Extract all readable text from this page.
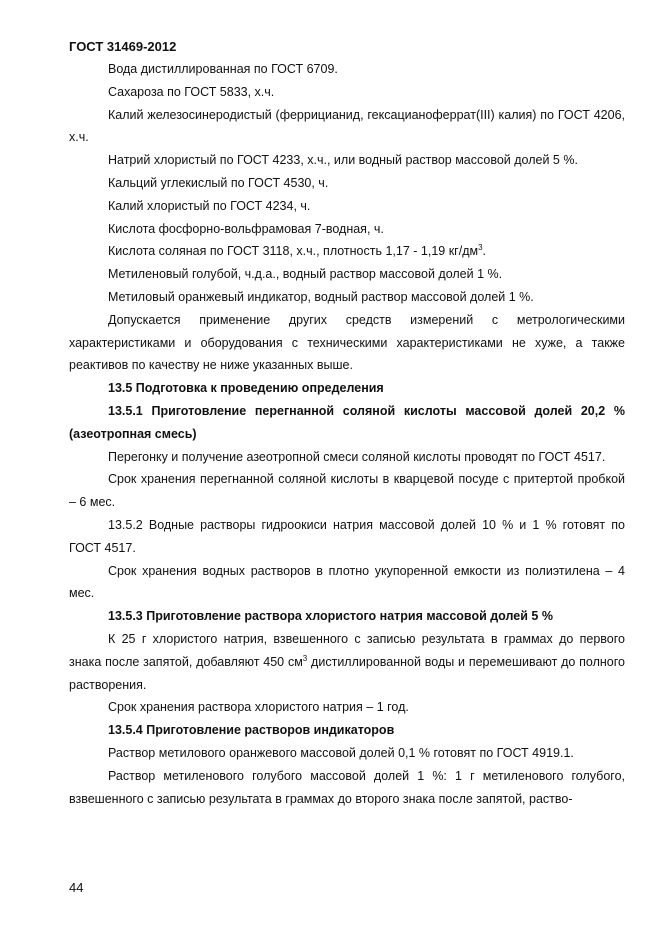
ГОСТ 31469-2012

Вода дистиллированная по ГОСТ 6709.

Сахароза по ГОСТ 5833, х.ч.

Калий железосинеродистый (феррицианид, гексацианоферрат(III) калия) по ГОСТ 4206, х.ч.

Натрий хлористый по ГОСТ 4233, х.ч., или водный раствор массовой долей 5 %.

Кальций углекислый по ГОСТ 4530, ч.

Калий хлористый по ГОСТ 4234, ч.

Кислота фосфорно-вольфрамовая 7-водная, ч.

Кислота соляная по ГОСТ 3118, х.ч., плотность 1,17 - 1,19 $кг/дм^3$.

Метиленовый голубой, ч.д.а., водный раствор массовой долей 1 %.

Метиловый оранжевый индикатор, водный раствор массовой долей 1 %.

Допускается применение других средств измерений с метрологическими характеристиками и оборудования с техническими характеристиками не хуже, а также реактивов по качеству не ниже указанных выше.

13.5 Подготовка к проведению определения

13.5.1 Приготовление перегнанной соляной кислоты массовой долей 20,2 % (азеотропная смесь)

Перегонку и получение азеотропной смеси соляной кислоты проводят по ГОСТ 4517.

Срок хранения перегнанной соляной кислоты в кварцевой посуде с притертой пробкой – 6 мес.

13.5.2 Водные растворы гидроокиси натрия массовой долей 10 % и 1 % готовят по ГОСТ 4517.

Срок хранения водных растворов в плотно укупоренной емкости из полиэтилена – 4 мес.

13.5.3 Приготовление раствора хлористого натрия массовой долей 5 %

К 25 г хлористого натрия, взвешенного с записью результата в граммах до первого знака после запятой, добавляют 450 $см^3$ дистиллированной воды и перемешивают до полного растворения.

Срок хранения раствора хлористого натрия – 1 год.

13.5.4 Приготовление растворов индикаторов

Раствор метилового оранжевого массовой долей 0,1 % готовят по ГОСТ 4919.1.

Раствор метиленового голубого массовой долей 1 %: 1 г метиленового голубого, взвешенного с записью результата в граммах до второго знака после запятой, раство-

44
